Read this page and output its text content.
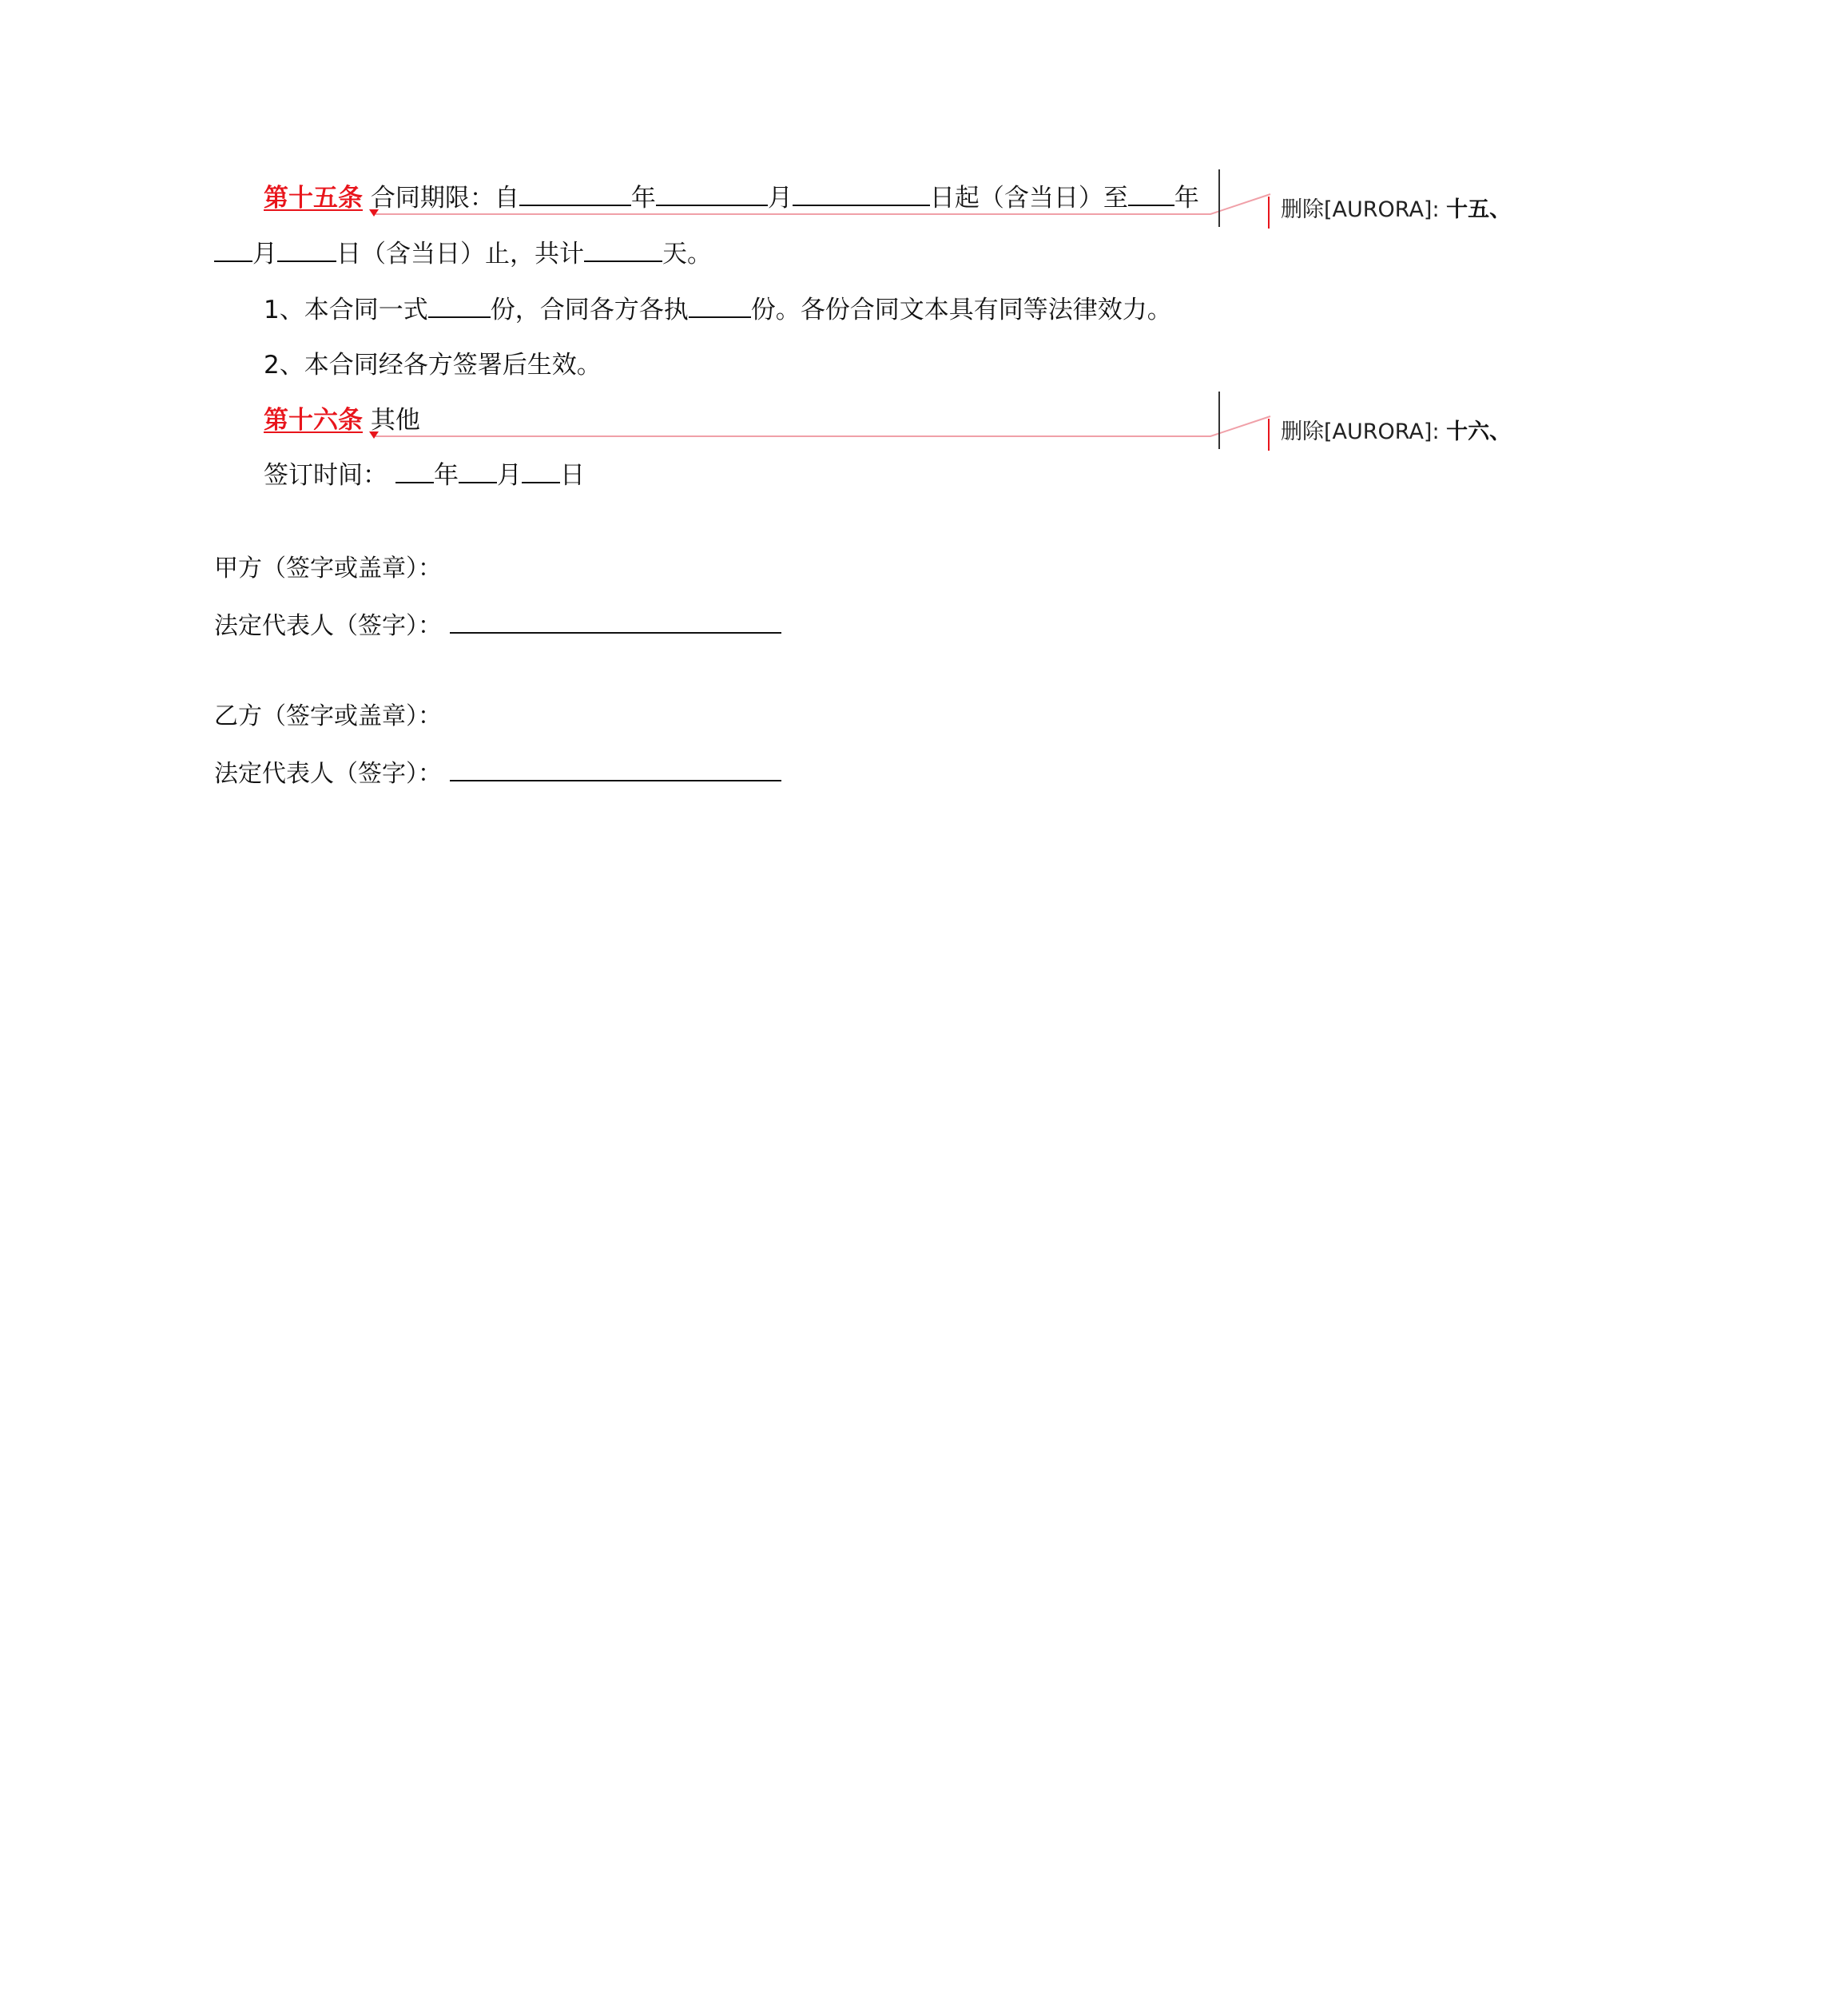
第十五条 合同期限：自	年	月	日起（含当日）至 年
月 日（含当日）止，共计	天。
1、本合同一式	份，合同各方各执	份。各份合同文本具有同等法律效力。
2、本合同经各方签署后生效。
第十六条 其他
签订时间： 年 月 日
甲方（签字或盖章）：
法定代表人（签字）：
乙方（签字或盖章）：
法定代表人（签字）：
删除[AURORA]: 十五、
删除[AURORA]: 十六、
